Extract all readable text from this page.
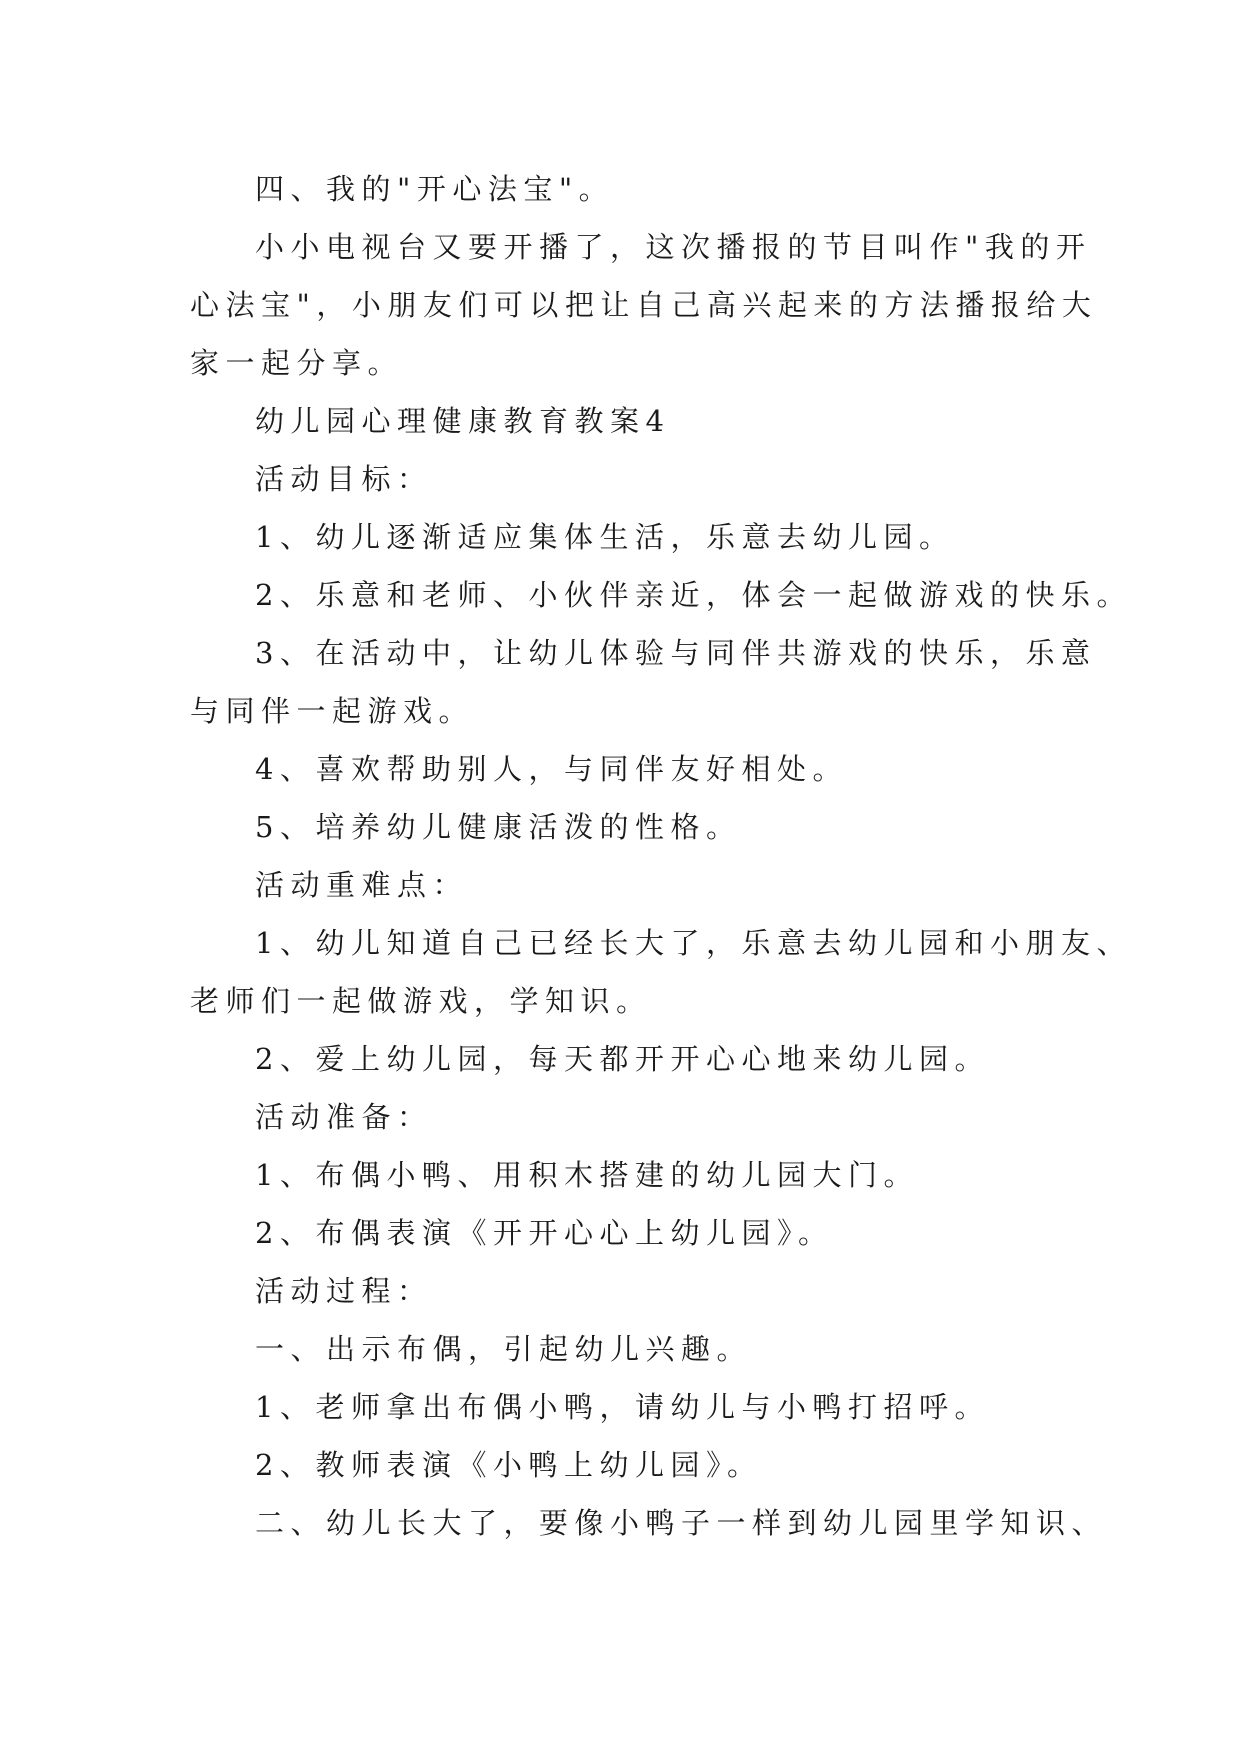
四、我的"开心法宝"。
小小电视台又要开播了，这次播报的节目叫作"我的开
心法宝"，小朋友们可以把让自己高兴起来的方法播报给大
家一起分享。
幼儿园心理健康教育教案4
活动目标：
1、幼儿逐渐适应集体生活，乐意去幼儿园。
2、乐意和老师、小伙伴亲近，体会一起做游戏的快乐。
3、在活动中，让幼儿体验与同伴共游戏的快乐，乐意
与同伴一起游戏。
4、喜欢帮助别人，与同伴友好相处。
5、培养幼儿健康活泼的性格。
活动重难点：
1、幼儿知道自己已经长大了，乐意去幼儿园和小朋友、
老师们一起做游戏，学知识。
2、爱上幼儿园，每天都开开心心地来幼儿园。
活动准备：
1、布偶小鸭、用积木搭建的幼儿园大门。
2、布偶表演《开开心心上幼儿园》。
活动过程：
一、出示布偶，引起幼儿兴趣。
1、老师拿出布偶小鸭，请幼儿与小鸭打招呼。
2、教师表演《小鸭上幼儿园》。
二、幼儿长大了，要像小鸭子一样到幼儿园里学知识、
